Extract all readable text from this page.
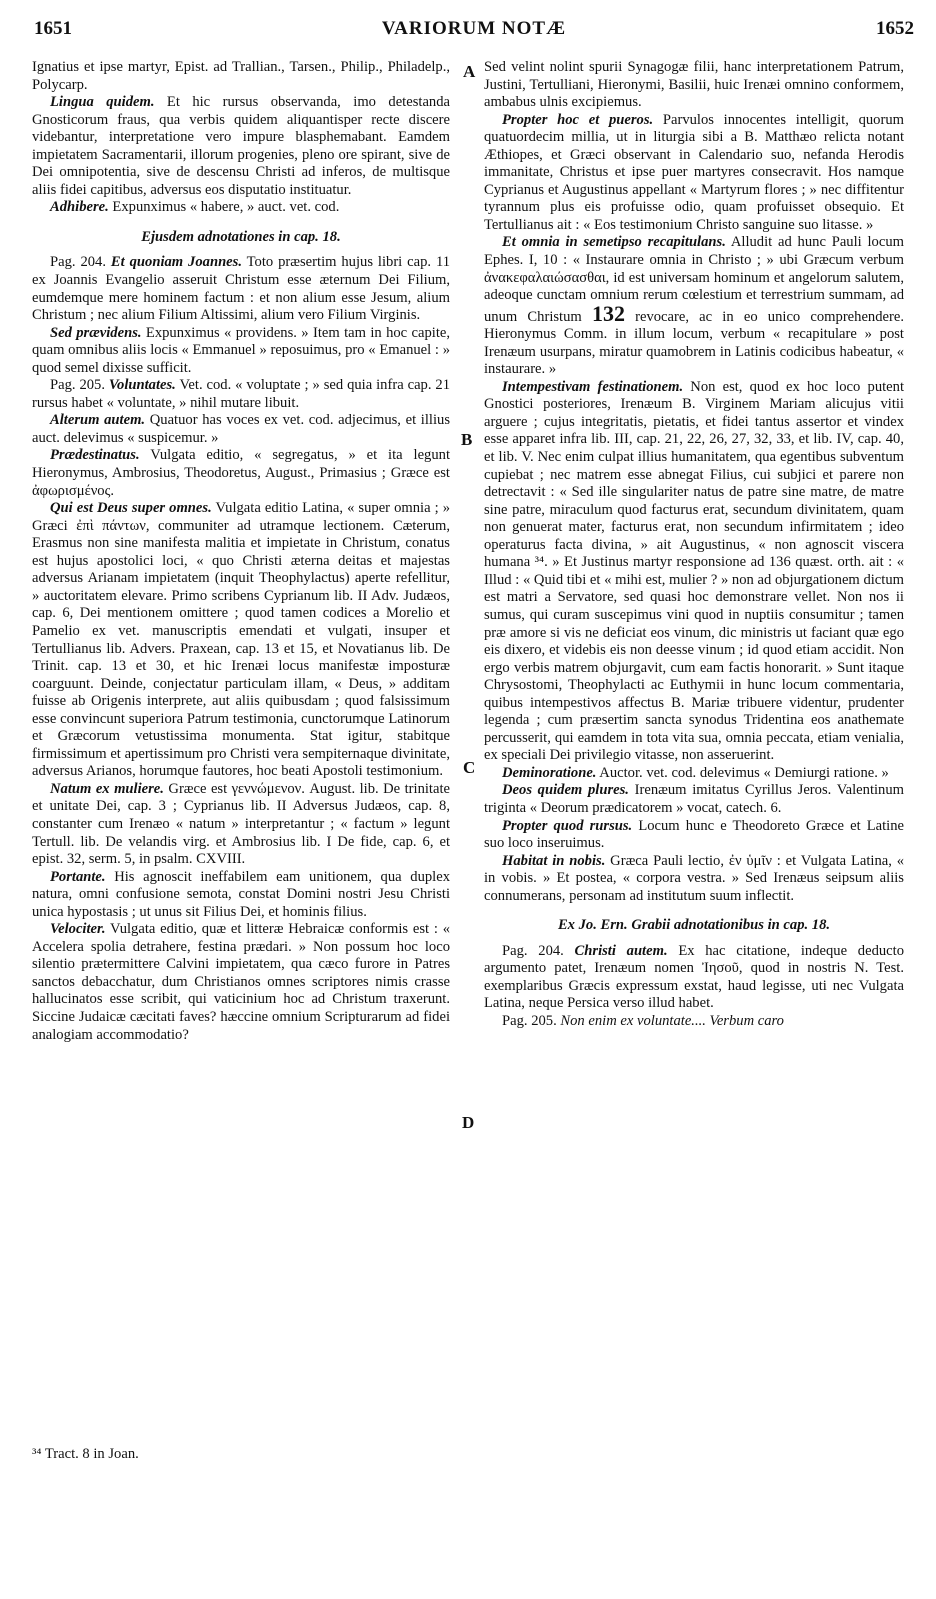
1651	VARIORUM NOTÆ	1652
A
B
C
D

Ignatius et ipse martyr, Epist. ad Trallian., Tarsen., Philip., Philadelp., Polycarp.

Lingua quidem. Et hic rursus observanda, imo detestanda Gnosticorum fraus, qua verbis quidem aliquantisper recte discere videbantur, interpretatione vero impure blasphemabant. Eamdem impietatem Sacramentarii, illorum progenies, pleno ore spirant, sive de Dei omnipotentia, sive de descensu Christi ad inferos, de multisque aliis fidei capitibus, adversus eos disputatio instituatur.

Adhibere. Expunximus « habere, » auct. vet. cod.

Ejusdem adnotationes in cap. 18.

Pag. 204. Et quoniam Joannes. Toto præsertim hujus libri cap. 11 ex Joannis Evangelio asseruit Christum esse æternum Dei Filium, eumdemque mere hominem factum : et non alium esse Jesum, alium Christum ; nec alium Filium Altissimi, alium vero Filium Virginis.

Sed prævidens. Expunximus « providens. » Item tam in hoc capite, quam omnibus aliis locis « Emmanuel » reposuimus, pro « Emanuel : » quod semel dixisse sufficit.

Pag. 205. Voluntates. Vet. cod. « voluptate ; » sed quia infra cap. 21 rursus habet « voluntate, » nihil mutare libuit.

Alterum autem. Quatuor has voces ex vet. cod. adjecimus, et illius auct. delevimus « suspicemur. »

Prædestinatus. Vulgata editio, « segregatus, » et ita legunt Hieronymus, Ambrosius, Theodoretus, August., Primasius ; Græce est ἀφωρισμένος.

Qui est Deus super omnes. Vulgata editio Latina, « super omnia ; » Græci ἐπὶ πάντων, communiter ad utramque lectionem. Cæterum, Erasmus non sine manifesta malitia et impietate in Christum, conatus est hujus apostolici loci, « quo Christi æterna deitas et majestas adversus Arianam impietatem (inquit Theophylactus) aperte refellitur, » auctoritatem elevare. Primo scribens Cyprianum lib. II Adv. Judæos, cap. 6, Dei mentionem omittere ; quod tamen codices a Morelio et Pamelio ex vet. manuscriptis emendati et vulgati, insuper et Tertullianus lib. Advers. Praxean, cap. 13 et 15, et Novatianus lib. De Trinit. cap. 13 et 30, et hic Irenæi locus manifestæ imposturæ coarguunt. Deinde, conjectatur particulam illam, « Deus, » additam fuisse ab Origenis interprete, aut aliis quibusdam ; quod falsissimum esse convincunt superiora Patrum testimonia, cunctorumque Latinorum et Græcorum vetustissima monumenta. Stat igitur, stabitque firmissimum et apertissimum pro Christi vera sempiternaque divinitate, adversus Arianos, horumque fautores, hoc beati Apostoli testimonium.

Natum ex muliere. Græce est γεννώμενον. August. lib. De trinitate et unitate Dei, cap. 3 ; Cyprianus lib. II Adversus Judæos, cap. 8, constanter cum Irenæo « natum » interpretantur ; « factum » legunt Tertull. lib. De velandis virg. et Ambrosius lib. I De fide, cap. 6, et epist. 32, serm. 5, in psalm. CXVIII.

Portante. His agnoscit ineffabilem eam unitionem, qua duplex natura, omni confusione semota, constat Domini nostri Jesu Christi unica hypostasis ; ut unus sit Filius Dei, et hominis filius.

Velociter. Vulgata editio, quæ et litteræ Hebraicæ conformis est : « Accelera spolia detrahere, festina prædari. » Non possum hoc loco silentio prætermittere Calvini impietatem, qua cæco furore in Patres sanctos debacchatur, dum Christianos omnes scriptores nimis crasse hallucinatos esse scribit, qui vaticinium hoc ad Christum traxerunt. Siccine Judaicæ cæcitati faves? hæccine omnium Scripturarum ad fidei analogiam accommodatio?

Sed velint nolint spurii Synagogæ filii, hanc interpretationem Patrum, Justini, Tertulliani, Hieronymi, Basilii, huic Irenæi omnino conformem, ambabus ulnis excipiemus.

Propter hoc et pueros. Parvulos innocentes intelligit, quorum quatuordecim millia, ut in liturgia sibi a B. Matthæo relicta notant Æthiopes, et Græci observant in Calendario suo, nefanda Herodis immanitate, Christus et ipse puer martyres consecravit. Hos namque Cyprianus et Augustinus appellant « Martyrum flores ; » nec diffitentur tyrannum plus eis profuisse odio, quam profuisset obsequio. Et Tertullianus ait : « Eos testimonium Christo sanguine suo litasse. »

Et omnia in semetipso recapitulans. Alludit ad hunc Pauli locum Ephes. I, 10 : « Instaurare omnia in Christo ; » ubi Græcum verbum ἀνακεφαλαιώσασθαι, id est universam hominum et angelorum salutem, adeoque cunctam omnium rerum cœlestium et terrestrium summam, ad unum Christum 132 revocare, ac in eo unico comprehendere. Hieronymus Comm. in illum locum, verbum « recapitulare » post Irenæum usurpans, miratur quamobrem in Latinis codicibus habeatur, « instaurare. »

Intempestivam festinationem. Non est, quod ex hoc loco putent Gnostici posteriores, Irenæum B. Virginem Mariam alicujus vitii arguere ; cujus integritatis, pietatis, et fidei tantus assertor et vindex esse apparet infra lib. III, cap. 21, 22, 26, 27, 32, 33, et lib. IV, cap. 40, et lib. V. Nec enim culpat illius humanitatem, qua egentibus subventum cupiebat ; nec matrem esse abnegat Filius, cui subjici et parere non detrectavit : « Sed ille singulariter natus de patre sine matre, de matre sine patre, miraculum quod facturus erat, secundum divinitatem, quam non genuerat mater, facturus erat, non secundum infirmitatem ; ideo operaturus facta divina, » ait Augustinus, « non agnoscit viscera humana ³⁴. » Et Justinus martyr responsione ad 136 quæst. orth. ait : « Illud : « Quid tibi et « mihi est, mulier ? » non ad objurgationem dictum est matri a Servatore, sed quasi hoc demonstrare vellet. Non nos ii sumus, qui curam suscepimus vini quod in nuptiis consumitur ; tamen præ amore si vis ne deficiat eos vinum, dic ministris ut faciant quæ ego eis dixero, et videbis eis non deesse vinum ; id quod etiam accidit. Non ergo verbis matrem objurgavit, cum eam factis honorarit. » Sunt itaque Chrysostomi, Theophylacti ac Euthymii in hunc locum commentaria, quibus intempestivos affectus B. Mariæ tribuere videntur, prudenter legenda ; cum præsertim sancta synodus Tridentina eos anathemate percusserit, qui eamdem in tota vita sua, omnia peccata, etiam venialia, ex speciali Dei privilegio vitasse, non asseruerint.

Deminoratione. Auctor. vet. cod. delevimus « Demiurgi ratione. »

Deos quidem plures. Irenæum imitatus Cyrillus Jeros. Valentinum triginta « Deorum prædicatorem » vocat, catech. 6.

Propter quod rursus. Locum hunc e Theodoreto Græce et Latine suo loco inseruimus.

Habitat in nobis. Græca Pauli lectio, ἐν ὑμῖν : et Vulgata Latina, « in vobis. » Et postea, « corpora vestra. » Sed Irenæus seipsum aliis connumerans, personam ad institutum suum inflectit.

Ex Jo. Ern. Grabii adnotationibus in cap. 18.

Pag. 204. Christi autem. Ex hac citatione, indeque deducto argumento patet, Irenæum nomen Ἰησοῦ, quod in nostris N. Test. exemplaribus Græcis expressum exstat, haud legisse, uti nec Vulgata Latina, neque Persica verso illud habet.

Pag. 205. Non enim ex voluntate.... Verbum caro

³⁴ Tract. 8 in Joan.
